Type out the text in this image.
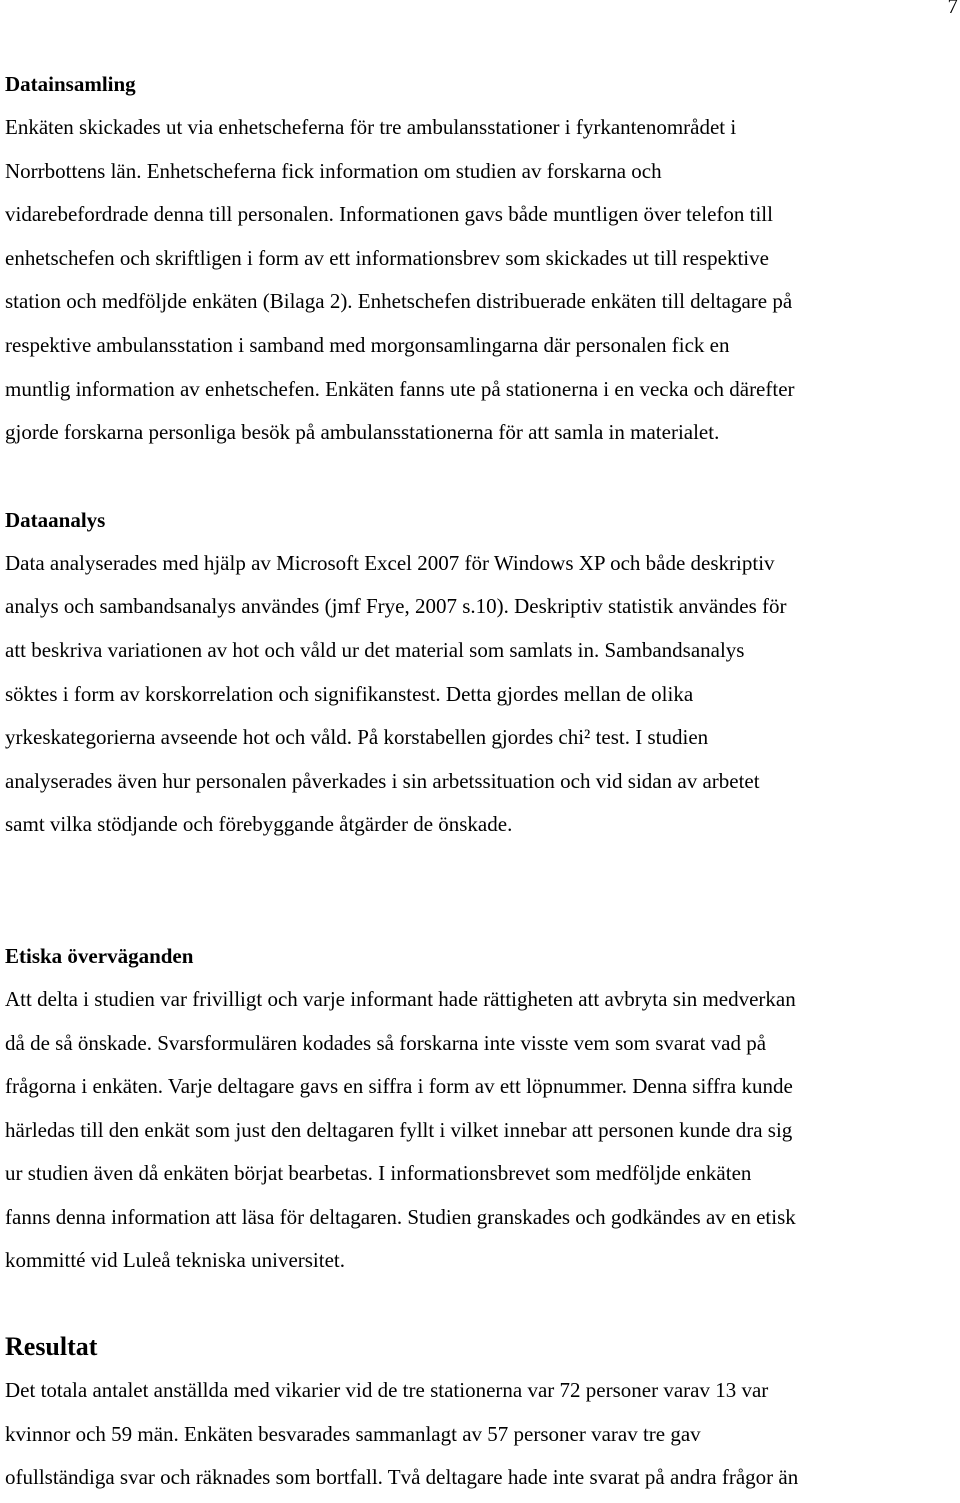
7
Datainsamling

Enkäten skickades ut via enhetscheferna för tre ambulansstationer i fyrkantenområdet i
Norrbottens län. Enhetscheferna fick information om studien av forskarna och
vidarebefordrade denna till personalen. Informationen gavs både muntligen över telefon till
enhetschefen och skriftligen i form av ett informationsbrev som skickades ut till respektive
station och medföljde enkäten (Bilaga 2). Enhetschefen distribuerade enkäten till deltagare på
respektive ambulansstation i samband med morgonsamlingarna där personalen fick en
muntlig information av enhetschefen. Enkäten fanns ute på stationerna i en vecka och därefter
gjorde forskarna personliga besök på ambulansstationerna för att samla in materialet.

Dataanalys

Data analyserades med hjälp av Microsoft Excel 2007 för Windows XP och både deskriptiv
analys och sambandsanalys användes (jmf Frye, 2007 s.10). Deskriptiv statistik användes för
att beskriva variationen av hot och våld ur det material som samlats in. Sambandsanalys
söktes i form av korskorrelation och signifikanstest. Detta gjordes mellan de olika
yrkeskategorierna avseende hot och våld. På korstabellen gjordes chi² test. I studien
analyserades även hur personalen påverkades i sin arbetssituation och vid sidan av arbetet
samt vilka stödjande och förebyggande åtgärder de önskade.

Etiska överväganden

Att delta i studien var frivilligt och varje informant hade rättigheten att avbryta sin medverkan
då de så önskade. Svarsformulären kodades så forskarna inte visste vem som svarat vad på
frågorna i enkäten. Varje deltagare gavs en siffra i form av ett löpnummer. Denna siffra kunde
härledas till den enkät som just den deltagaren fyllt i vilket innebar att personen kunde dra sig
ur studien även då enkäten börjat bearbetas. I informationsbrevet som medföljde enkäten
fanns denna information att läsa för deltagaren. Studien granskades och godkändes av en etisk
kommitté vid Luleå tekniska universitet.

Resultat

Det totala antalet anställda med vikarier vid de tre stationerna var 72 personer varav 13 var
kvinnor och 59 män. Enkäten besvarades sammanlagt av 57 personer varav tre gav
ofullständiga svar och räknades som bortfall. Två deltagare hade inte svarat på andra frågor än
